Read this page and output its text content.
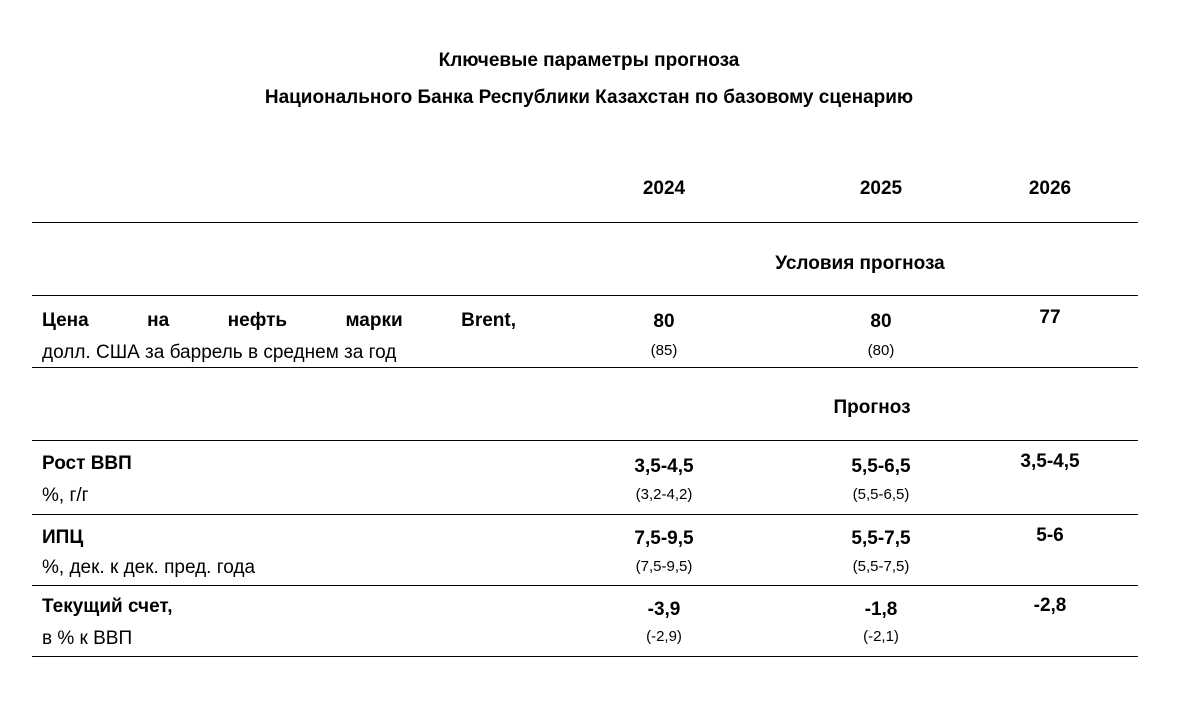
Ключевые параметры прогноза
Национального Банка Республики Казахстан по базовому сценарию
2024	2025	2026
Условия прогноза
Цена на нефть марки Brent,
долл. США за баррель в среднем за год
80	80	77
(85)	(80)
Прогноз
Рост ВВП
%, г/г
3,5-4,5	5,5-6,5	3,5-4,5
(3,2-4,2)	(5,5-6,5)
ИПЦ
%, дек. к дек. пред. года
7,5-9,5	5,5-7,5	5-6
(7,5-9,5)	(5,5-7,5)
Текущий счет,
в % к ВВП
-3,9	-1,8	-2,8
(-2,9)	(-2,1)
